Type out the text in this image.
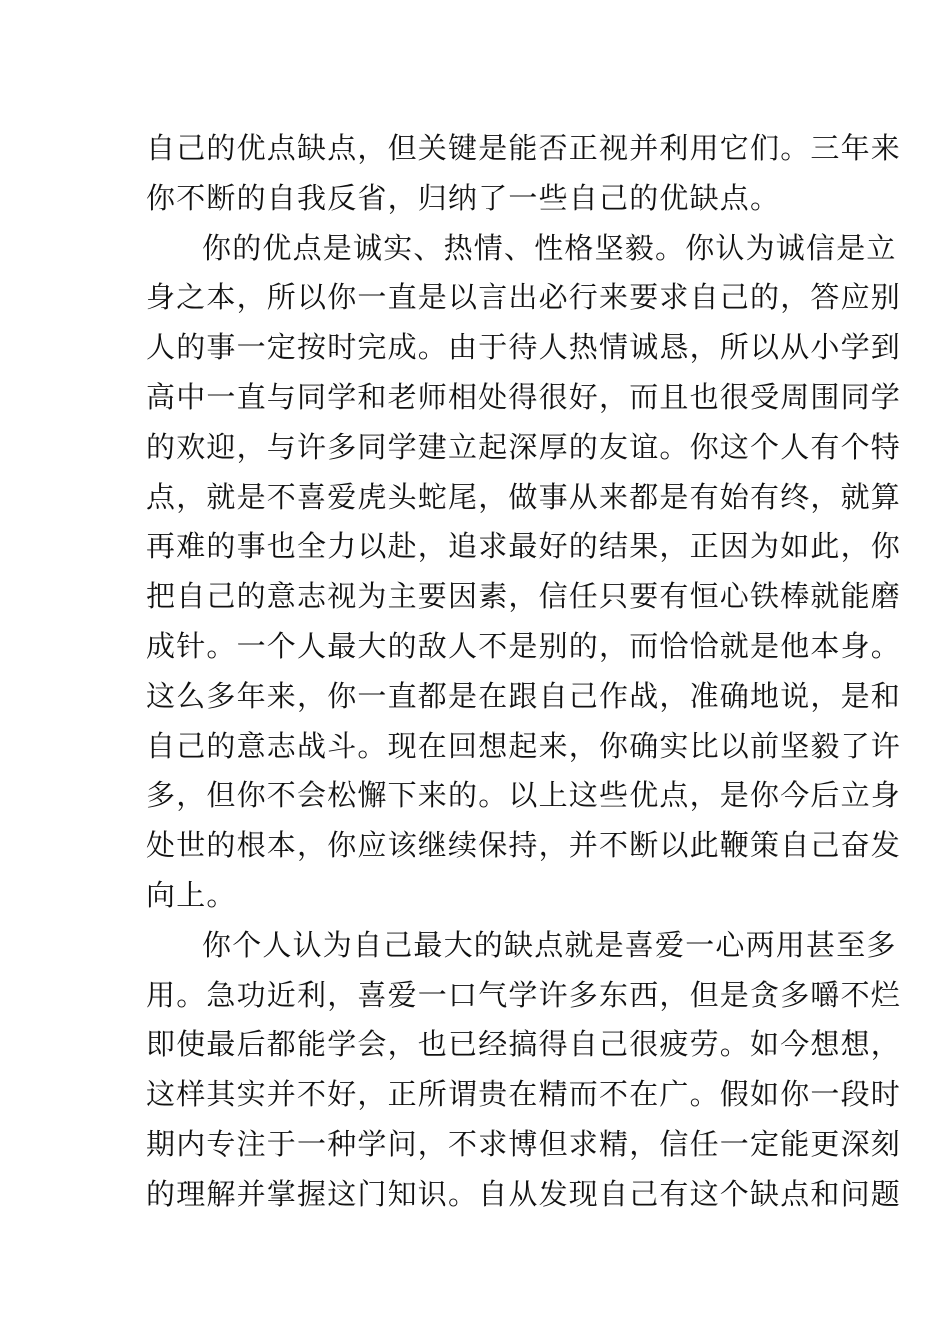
自己的优点缺点，但关键是能否正视并利用它们。三年来
你不断的自我反省，归纳了一些自己的优缺点。
你的优点是诚实、热情、性格坚毅。你认为诚信是立
身之本，所以你一直是以言出必行来要求自己的，答应别
人的事一定按时完成。由于待人热情诚恳，所以从小学到
高中一直与同学和老师相处得很好，而且也很受周围同学
的欢迎，与许多同学建立起深厚的友谊。你这个人有个特
点，就是不喜爱虎头蛇尾，做事从来都是有始有终，就算
再难的事也全力以赴，追求最好的结果，正因为如此，你
把自己的意志视为主要因素，信任只要有恒心铁棒就能磨
成针。一个人最大的敌人不是别的，而恰恰就是他本身。
这么多年来，你一直都是在跟自己作战，准确地说，是和
自己的意志战斗。现在回想起来，你确实比以前坚毅了许
多，但你不会松懈下来的。以上这些优点，是你今后立身
处世的根本，你应该继续保持，并不断以此鞭策自己奋发
向上。
你个人认为自己最大的缺点就是喜爱一心两用甚至多
用。急功近利，喜爱一口气学许多东西，但是贪多嚼不烂
即使最后都能学会，也已经搞得自己很疲劳。如今想想，
这样其实并不好，正所谓贵在精而不在广。假如你一段时
期内专注于一种学问，不求博但求精，信任一定能更深刻
的理解并掌握这门知识。自从发现自己有这个缺点和问题
